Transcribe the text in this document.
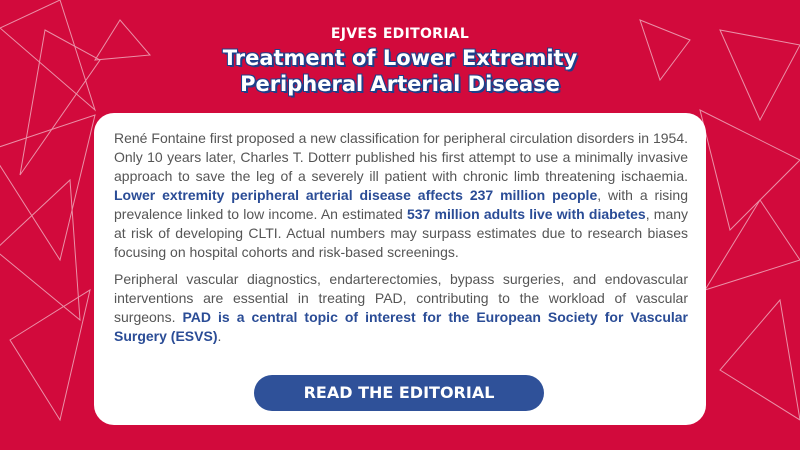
EJVES EDITORIAL
Treatment of Lower Extremity
Peripheral Arterial Disease

René Fontaine first proposed a new classification for peripheral circulation disorders in 1954. Only 10 years later, Charles T. Dotterr published his first attempt to use a minimally invasive approach to save the leg of a severely ill patient with chronic limb threatening ischaemia. Lower extremity peripheral arterial disease affects 237 million people, with a rising prevalence linked to low income. An estimated 537 million adults live with diabetes, many at risk of developing CLTI. Actual numbers may surpass estimates due to research biases focusing on hospital cohorts and risk-based screenings.

Peripheral vascular diagnostics, endarterectomies, bypass surgeries, and endovascular interventions are essential in treating PAD, contributing to the workload of vascular surgeons. PAD is a central topic of interest for the European Society for Vascular Surgery (ESVS).

READ THE EDITORIAL
